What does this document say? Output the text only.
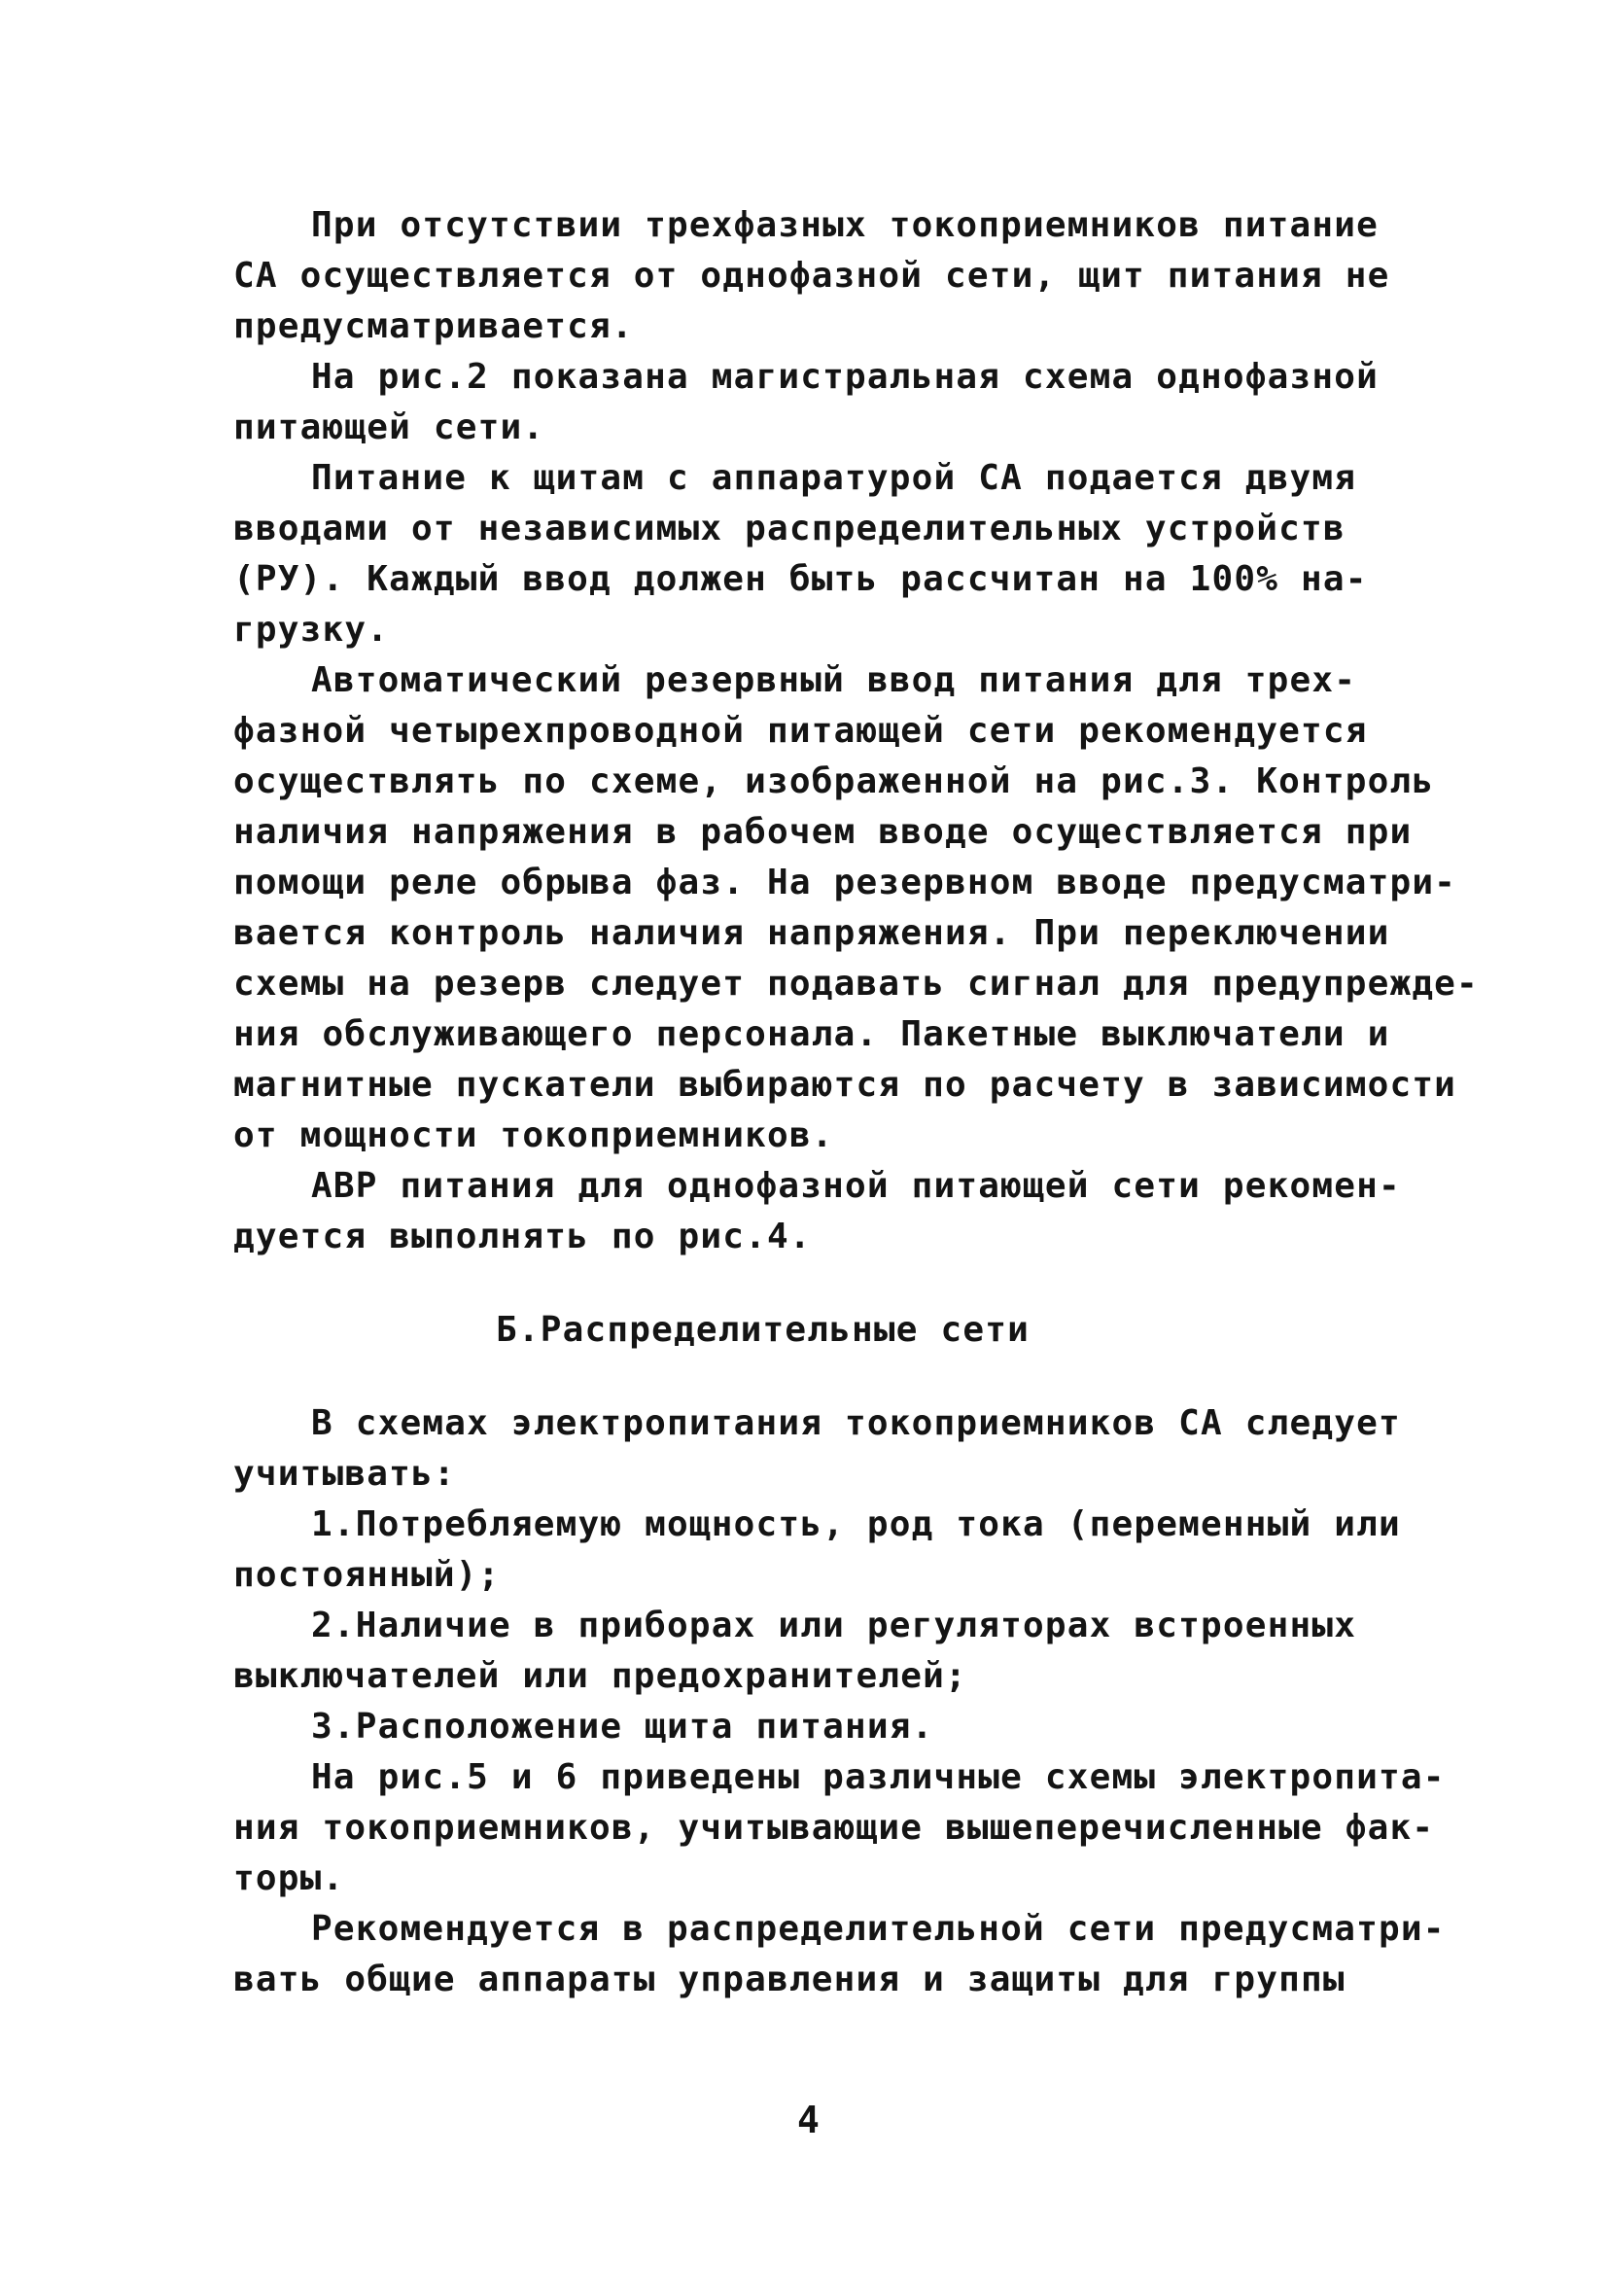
При отсутствии трехфазных токоприемников питание
СА осуществляется от однофазной сети, щит питания не
предусматривается.
На рис.2 показана магистральная схема однофазной
питающей сети.
Питание к щитам с аппаратурой СА подается двумя
вводами от независимых распределительных устройств
(РУ). Каждый ввод должен быть рассчитан на 100% на-
грузку.
Автоматический резервный ввод питания для трех-
фазной четырехпроводной питающей сети рекомендуется
осуществлять по схеме, изображенной на рис.3. Контроль
наличия напряжения в рабочем вводе осуществляется при
помощи реле обрыва фаз. На резервном вводе предусматри-
вается контроль наличия напряжения. При переключении
схемы на резерв следует подавать сигнал для предупрежде-
ния обслуживающего персонала. Пакетные выключатели и
магнитные пускатели выбираются по расчету в зависимости
от мощности токоприемников.
АВР питания для однофазной питающей сети рекомен-
дуется выполнять по рис.4.
Б.Распределительные сети
В схемах электропитания токоприемников СА следует
учитывать:
1.Потребляемую мощность, род тока (переменный или
постоянный);
2.Наличие в приборах или регуляторах встроенных
выключателей или предохранителей;
3.Расположение щита питания.
На рис.5 и 6 приведены различные схемы электропита-
ния токоприемников, учитывающие вышеперечисленные фак-
торы.
Рекомендуется в распределительной сети предусматри-
вать общие аппараты управления и защиты для группы
4
